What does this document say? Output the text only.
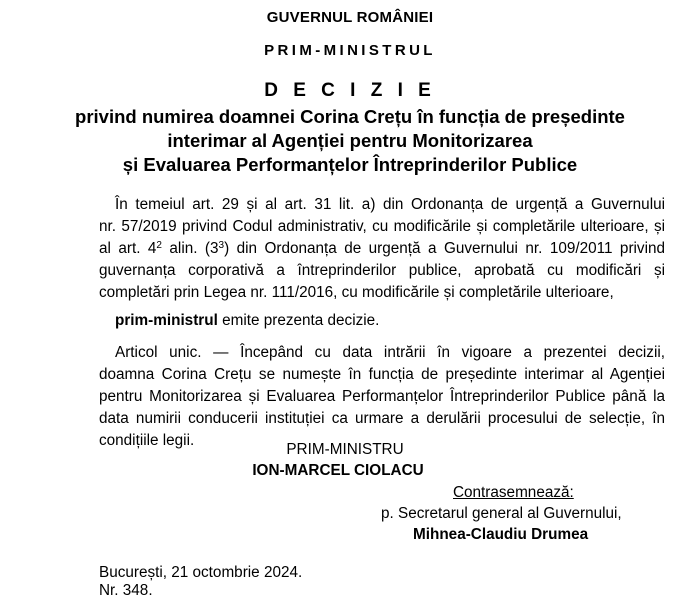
GUVERNUL ROMÂNIEI
PRIM-MINISTRUL
D E C I Z I E
privind numirea doamnei Corina Crețu în funcția de președinte
interimar al Agenției pentru Monitorizarea
și Evaluarea Performanțelor Întreprinderilor Publice
În temeiul art. 29 și al art. 31 lit. a) din Ordonanța de urgență a Guvernului
nr. 57/2019 privind Codul administrativ, cu modificările și completările ulterioare, și
al art. $4^2$ alin. $(3^3)$ din Ordonanța de urgență a Guvernului nr. 109/2011 privind
guvernanța corporativă a întreprinderilor publice, aprobată cu modificări și
completări prin Legea nr. 111/2016, cu modificările și completările ulterioare,
prim-ministrul emite prezenta decizie.
Articol unic. — Începând cu data intrării în vigoare a prezentei decizii,
doamna Corina Crețu se numește în funcția de președinte interimar al Agenției
pentru Monitorizarea și Evaluarea Performanțelor Întreprinderilor Publice până la
data numirii conducerii instituției ca urmare a derulării procesului de selecție, în
condițiile legii.
PRIM-MINISTRU
ION-MARCEL CIOLACU
Contrasemnează:
p. Secretarul general al Guvernului,
Mihnea-Claudiu Drumea
București, 21 octombrie 2024.
Nr. 348.
